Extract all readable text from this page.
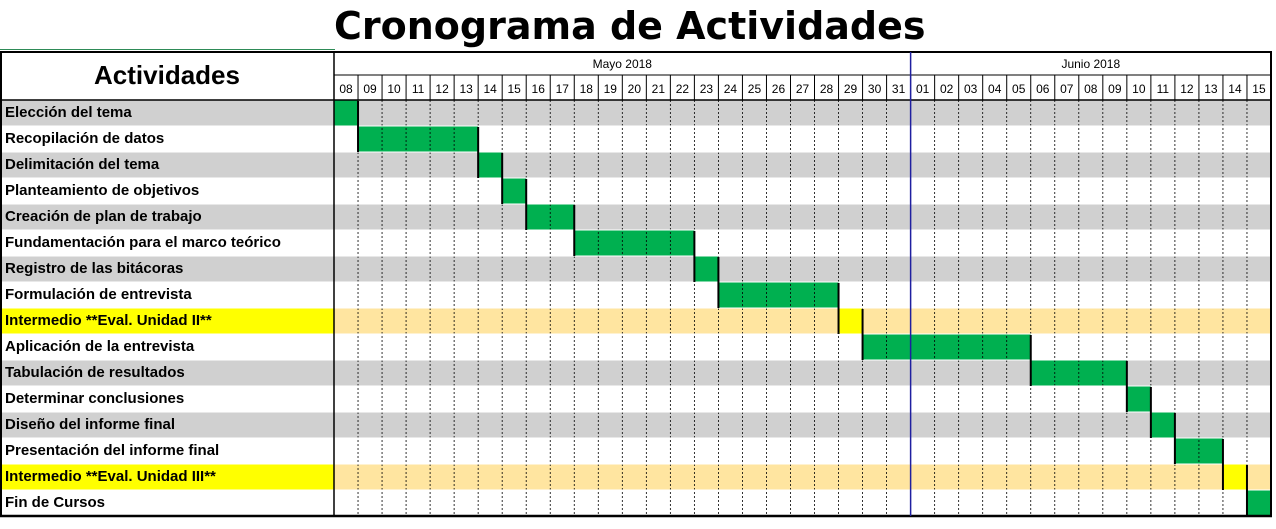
Cronograma de Actividades
Mayo 2018	Junio 2018
08 09 10 11 12 13 14 15 16 17 18 19 20 21 22 23 24 25 26 27 28 29 30 31 01 02 03 04 05 06 07 08 09 10 11 12 13 14 15
Actividades
Elección del tema
Recopilación de datos
Delimitación del tema
Planteamiento de objetivos
Creación de plan de trabajo
Fundamentación para el marco teórico
Registro de las bitácoras
Formulación de entrevista
Intermedio **Eval. Unidad II**
Aplicación de la entrevista
Tabulación de resultados
Determinar conclusiones
Diseño del informe final
Presentación del informe final
Intermedio **Eval. Unidad III**
Fin de Cursos
